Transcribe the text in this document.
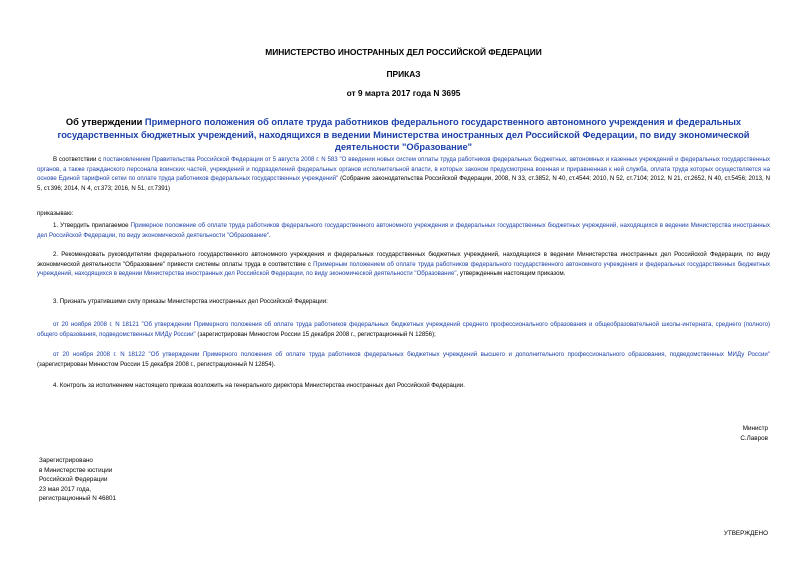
МИНИСТЕРСТВО ИНОСТРАННЫХ ДЕЛ РОССИЙСКОЙ ФЕДЕРАЦИИ
ПРИКАЗ
от 9 марта 2017 года N 3695
Об утверждении Примерного положения об оплате труда работников федерального государственного автономного учреждения и федеральных государственных бюджетных учреждений, находящихся в ведении Министерства иностранных дел Российской Федерации, по виду экономической деятельности "Образование"
В соответствии с постановлением Правительства Российской Федерации от 5 августа 2008 г. N 583 "О введении новых систем оплаты труда работников федеральных бюджетных, автономных и казенных учреждений и федеральных государственных органов, а также гражданского персонала воинских частей, учреждений и подразделений федеральных органов исполнительной власти, в которых законом предусмотрена военная и приравненная к ней служба, оплата труда которых осуществляется на основе Единой тарифной сетки по оплате труда работников федеральных государственных учреждений" (Собрание законодательства Российской Федерации, 2008, N 33, ст.3852, N 40, ст.4544; 2010, N 52, ст.7104; 2012, N 21, ст.2652, N 40, ст.5456; 2013, N 5, ст.396; 2014, N 4, ст.373; 2016, N 51, ст.7391)
приказываю:
1. Утвердить прилагаемое Примерное положение об оплате труда работников федерального государственного автономного учреждения и федеральных государственных бюджетных учреждений, находящихся в ведении Министерства иностранных дел Российской Федерации, по виду экономической деятельности "Образование".
2. Рекомендовать руководителям федерального государственного автономного учреждения и федеральных государственных бюджетных учреждений, находящихся в ведении Министерства иностранных дел Российской Федерации, по виду экономической деятельности "Образование" привести системы оплаты труда в соответствие с Примерным положением об оплате труда работников федерального государственного автономного учреждения и федеральных государственных бюджетных учреждений, находящихся в ведении Министерства иностранных дел Российской Федерации, по виду экономической деятельности "Образование", утвержденным настоящим приказом.
3. Признать утратившими силу приказы Министерства иностранных дел Российской Федерации:
от 20 ноября 2008 г. N 18121 "Об утверждении Примерного положения об оплате труда работников федеральных бюджетных учреждений среднего профессионального образования и общеобразовательной школы-интерната, среднего (полного) общего образования, подведомственных МИДу России" (зарегистрирован Минюстом России 15 декабря 2008 г., регистрационный N 12856);
от 20 ноября 2008 г. N 18122 "Об утверждении Примерного положения об оплате труда работников федеральных бюджетных учреждений высшего и дополнительного профессионального образования, подведомственных МИДу России" (зарегистрирован Минюстом России 15 декабря 2008 г., регистрационный N 12854).
4. Контроль за исполнением настоящего приказа возложить на генерального директора Министерства иностранных дел Российской Федерации.
Министр
С.Лавров
Зарегистрировано
в Министерстве юстиции
Российской Федерации
23 мая 2017 года,
регистрационный N 46801
УТВЕРЖДЕНО
